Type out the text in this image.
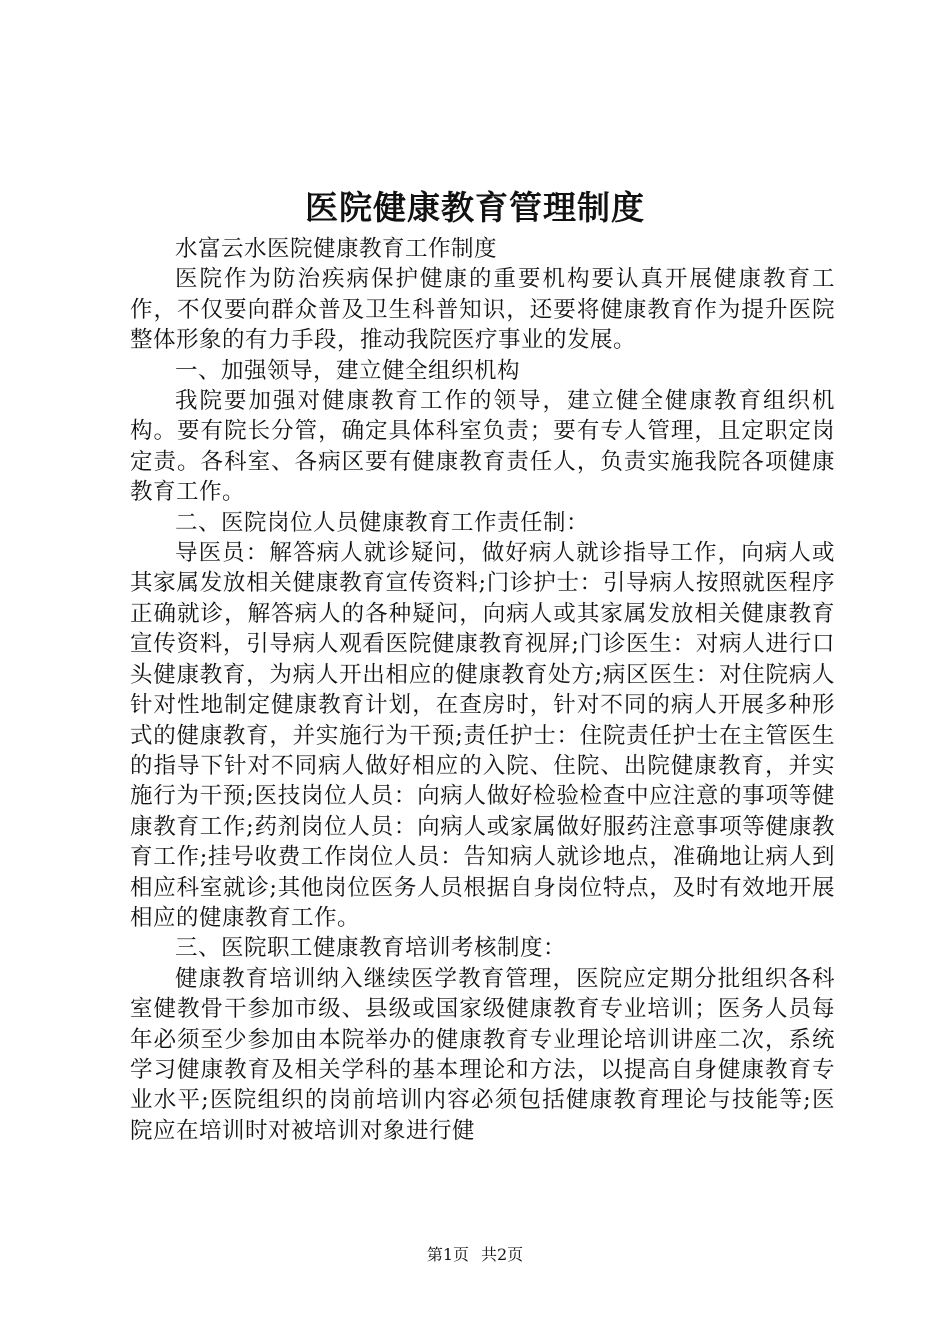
医院健康教育管理制度

水富云水医院健康教育工作制度

医院作为防治疾病保护健康的重要机构要认真开展健康教育工作，不仅要向群众普及卫生科普知识，还要将健康教育作为提升医院整体形象的有力手段，推动我院医疗事业的发展。

一、加强领导，建立健全组织机构

我院要加强对健康教育工作的领导，建立健全健康教育组织机构。要有院长分管，确定具体科室负责；要有专人管理，且定职定岗定责。各科室、各病区要有健康教育责任人，负责实施我院各项健康教育工作。

二、医院岗位人员健康教育工作责任制：

导医员：解答病人就诊疑问，做好病人就诊指导工作，向病人或其家属发放相关健康教育宣传资料;门诊护士：引导病人按照就医程序正确就诊，解答病人的各种疑问，向病人或其家属发放相关健康教育宣传资料，引导病人观看医院健康教育视屏;门诊医生：对病人进行口头健康教育，为病人开出相应的健康教育处方;病区医生：对住院病人针对性地制定健康教育计划，在查房时，针对不同的病人开展多种形式的健康教育，并实施行为干预;责任护士：住院责任护士在主管医生的指导下针对不同病人做好相应的入院、住院、出院健康教育，并实施行为干预;医技岗位人员：向病人做好检验检查中应注意的事项等健康教育工作;药剂岗位人员：向病人或家属做好服药注意事项等健康教育工作;挂号收费工作岗位人员：告知病人就诊地点，准确地让病人到相应科室就诊;其他岗位医务人员根据自身岗位特点，及时有效地开展相应的健康教育工作。

三、医院职工健康教育培训考核制度：

健康教育培训纳入继续医学教育管理，医院应定期分批组织各科室健教骨干参加市级、县级或国家级健康教育专业培训；医务人员每年必须至少参加由本院举办的健康教育专业理论培训讲座二次，系统学习健康教育及相关学科的基本理论和方法，以提高自身健康教育专业水平;医院组织的岗前培训内容必须包括健康教育理论与技能等;医院应在培训时对被培训对象进行健

第1页 共2页
